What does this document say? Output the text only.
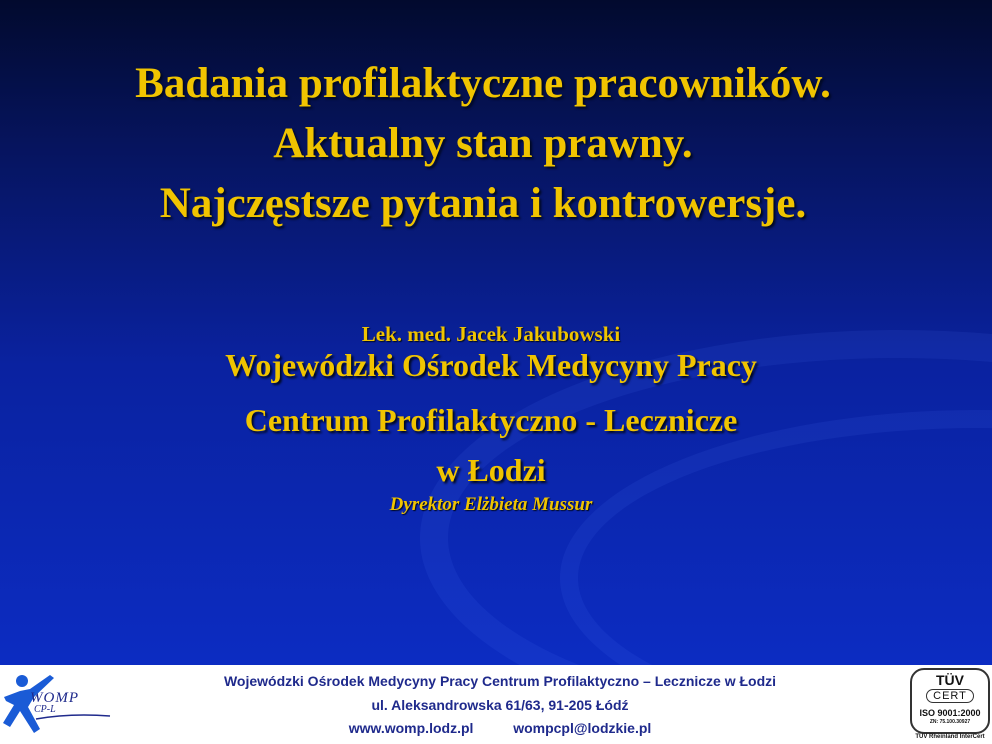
Badania profilaktyczne pracowników.
Aktualny stan prawny.
Najczęstsze pytania i kontrowersje.
Lek. med. Jacek Jakubowski
Wojewódzki Ośrodek Medycyny Pracy
Centrum Profilaktyczno - Lecznicze
w Łodzi
Dyrektor Elżbieta Mussur
WOMP
CP-L
Wojewódzki Ośrodek Medycyny Pracy Centrum Profilaktyczno – Lecznicze w Łodzi
ul. Aleksandrowska 61/63, 91-205 Łódź
www.womp.lodz.pl	wompcpl@lodzkie.pl
TÜV
CERT
ISO 9001:2000
ZN: 75.100.30927
TÜV Rheinland InterCert
